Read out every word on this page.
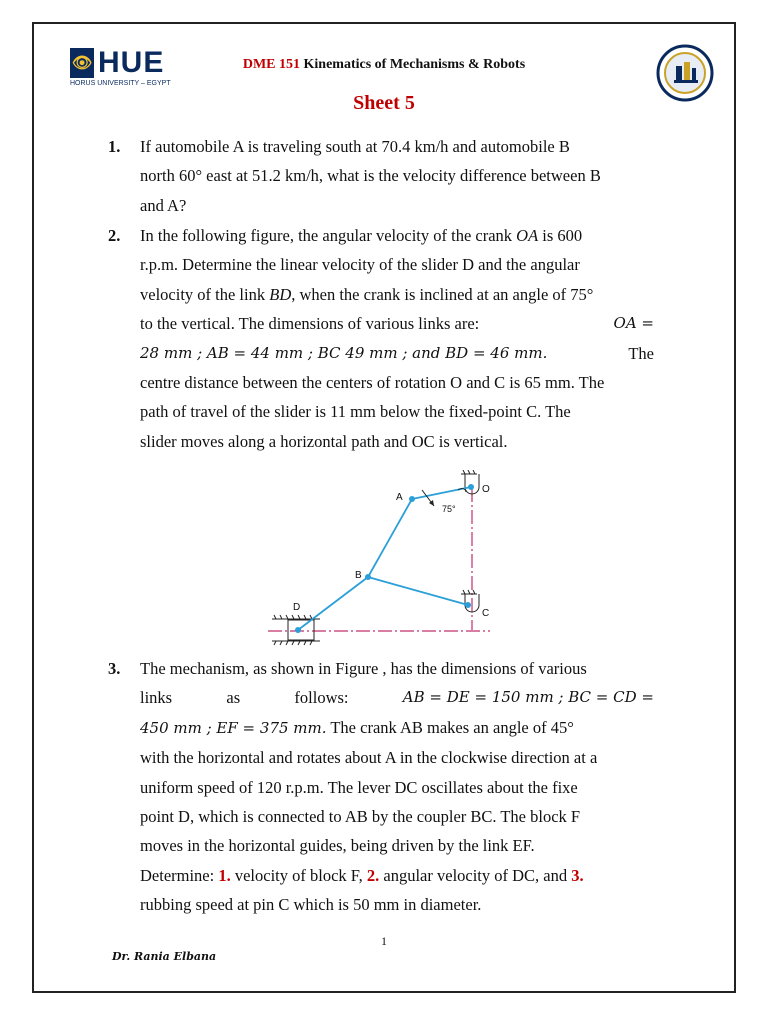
👁 HUE
HORUS UNIVERSITY – EGYPT
DME 151 Kinematics of Mechanisms & Robots
Sheet 5
1. If automobile A is traveling south at 70.4 km/h and automobile B
north 60° east at 51.2 km/h, what is the velocity difference between B
and A?
2. In the following figure, the angular velocity of the crank OA is 600
r.p.m. Determine the linear velocity of the slider D and the angular
velocity of the link BD, when the crank is inclined at an angle of 75°
to the vertical. The dimensions of various links are:	OA =
28 mm ; AB = 44 mm ; BC 49 mm ; and BD = 46 mm.	The
centre distance between the centers of rotation O and C is 65 mm. The
path of travel of the slider is 11 mm below the fixed-point C. The
slider moves along a horizontal path and OC is vertical.
A
B
C
D
O
75°
3. The mechanism, as shown in Figure , has the dimensions of various
links	as	follows:	AB = DE = 150 mm ; BC = CD =
450 mm ; EF = 375 mm. The crank AB makes an angle of 45°
with the horizontal and rotates about A in the clockwise direction at a
uniform speed of 120 r.p.m. The lever DC oscillates about the fixe
point D, which is connected to AB by the coupler BC. The block F
moves in the horizontal guides, being driven by the link EF.
Determine: 1. velocity of block F, 2. angular velocity of DC, and 3.
rubbing speed at pin C which is 50 mm in diameter.
1
Dr. Rania Elbana
